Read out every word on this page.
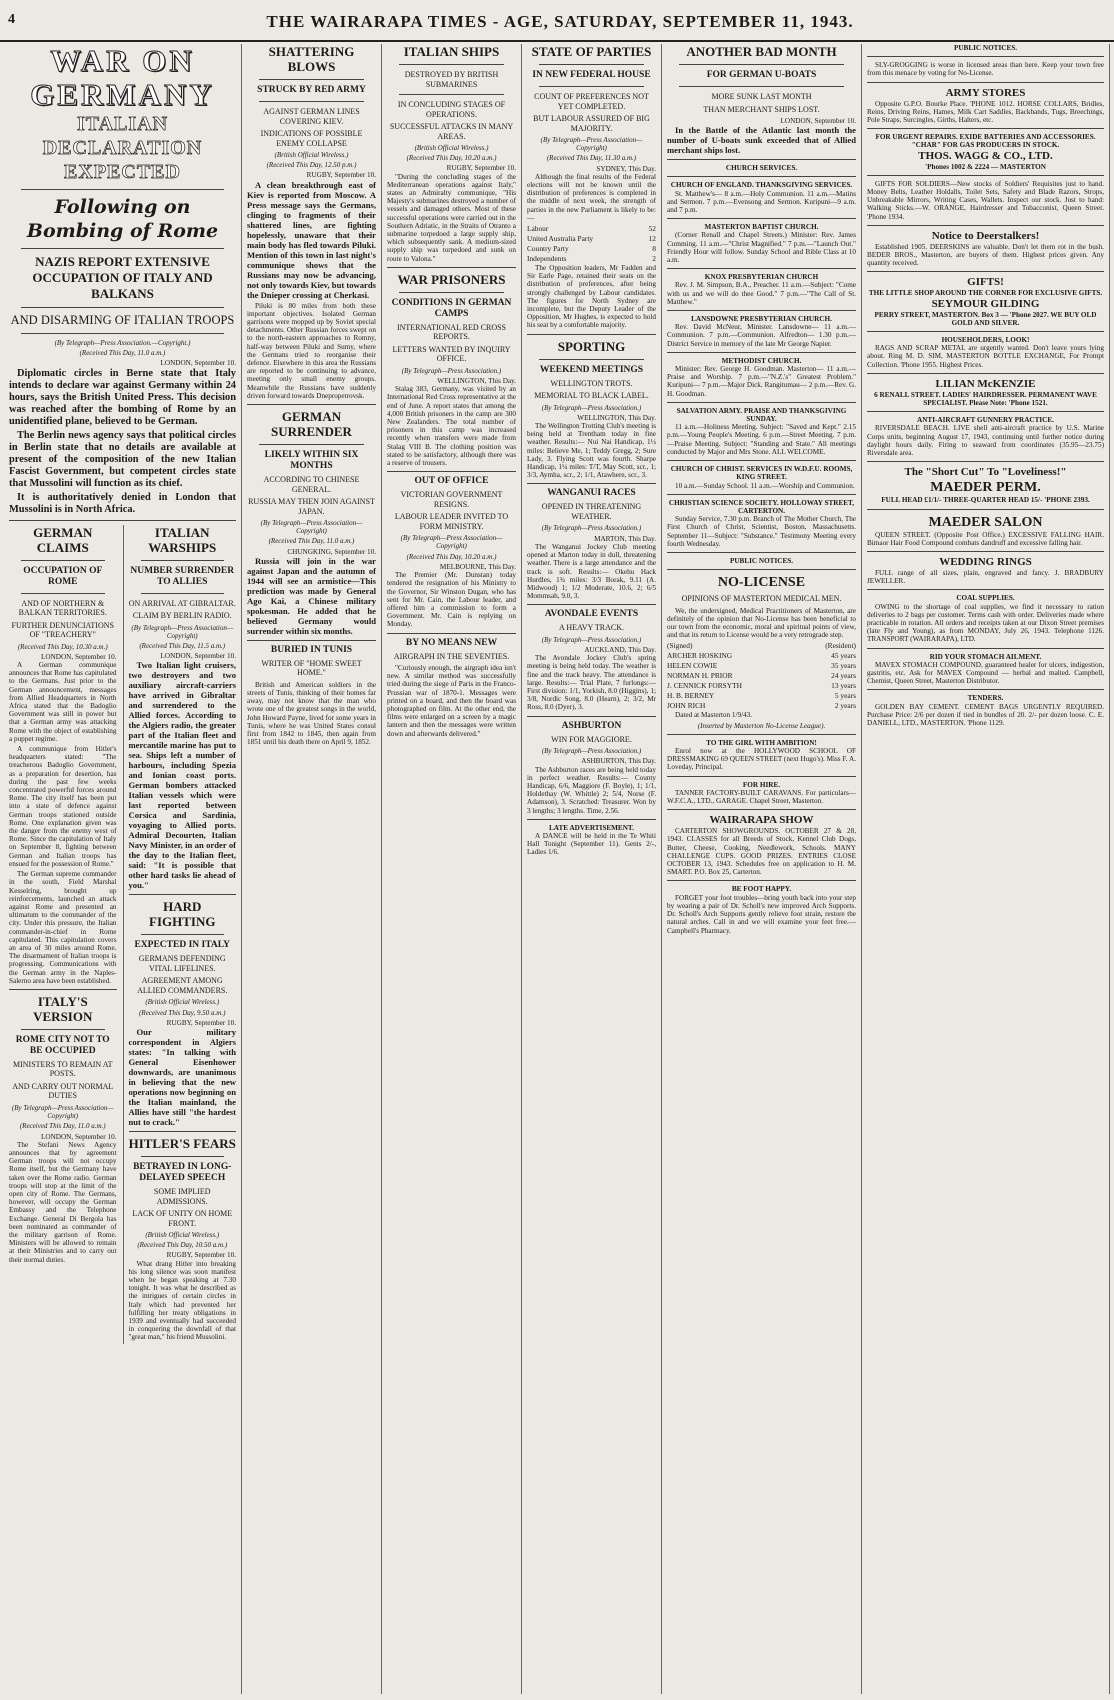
4	THE WAIRARAPA TIMES - AGE, SATURDAY, SEPTEMBER 11, 1943.
WAR ON GERMANY
ITALIAN DECLARATION EXPECTED
Following on Bombing of Rome
NAZIS REPORT EXTENSIVE OCCUPATION OF ITALY AND BALKANS
AND DISARMING OF ITALIAN TROOPS
(By Telegraph—Press Association.—Copyright.)
(Received This Day, 11.0 a.m.)
LONDON, September 10.

Diplomatic circles in Berne state that Italy intends to declare war against Germany within 24 hours, says the British United Press. This decision was reached after the bombing of Rome by an unidentified plane, believed to be German.

The Berlin news agency says that political circles in Berlin state that no details are available at present of the composition of the new Italian Fascist Government, but competent circles state that Mussolini will function as its chief.

It is authoritatively denied in London that Mussolini is in North Africa.

GERMAN CLAIMS
OCCUPATION OF ROME
AND OF NORTHERN & BALKAN TERRITORIES.
FURTHER DENUNCIATIONS OF "TREACHERY"
(Received This Day, 10.30 a.m.)
LONDON, September 10.

A German communique announces that Rome has capitulated to the Germans. Just prior to the German announcement, messages from Allied Headquarters in North Africa stated that the Badoglio Government was still in power but that a German army was attacking Rome with the object of establishing a puppet regime.

A communique from Hitler's headquarters stated: "The treacherous Badoglio Government, as a preparation for desertion, has during the past few weeks concentrated powerful forces around Rome. The city itself has been put into a state of defence against German troops stationed outside Rome. One explanation given was the danger from the enemy west of Rome. Since the capitulation of Italy on September 8, fighting between German and Italian troops has ensued for the possession of Rome."

The German supreme commander in the south, Field Marshal Kesselring, brought up reinforcements, launched an attack against Rome and presented an ultimatum to the commander of the city. Under this pressure, the Italian commander-in-chief in Rome capitulated. This capitulation covers an area of 30 miles around Rome. The disarmament of Italian troops is progressing. Communications with the German army in the Naples-Salerno area have been established.

ITALY'S VERSION
ROME CITY NOT TO BE OCCUPIED
MINISTERS TO REMAIN AT POSTS.
AND CARRY OUT NORMAL DUTIES
(By Telegraph—Press Association—Copyright)
(Received This Day, 11.0 a.m.)
LONDON, September 10.

The Stefani News Agency announces that by agreement German troops will not occupy Rome itself, but the Germany have taken over the Rome radio. German troops will stop at the limit of the open city of Rome. The Germans, however, will occupy the German Embassy and the Telephone Exchange. General Di Bergola has been nominated as commander of the military garrison of Rome. Ministers will be allowed to remain at their Ministries and to carry out their normal duties.

ITALIAN WARSHIPS
NUMBER SURRENDER TO ALLIES
ON ARRIVAL AT GIBRALTAR.
CLAIM BY BERLIN RADIO.
(By Telegraph—Press Association—Copyright)
(Received This Day, 11.5 a.m.)
LONDON, September 10.

Two Italian light cruisers, two destroyers and two auxiliary aircraft-carriers have arrived in Gibraltar and surrendered to the Allied forces. According to the Algiers radio, the greater part of the Italian fleet and mercantile marine has put to sea. Ships left a number of harbours, including Spezia and Ionian coast ports. German bombers attacked Italian vessels which were last reported between Corsica and Sardinia, voyaging to Allied ports. Admiral Decourten, Italian Navy Minister, in an order of the day to the Italian fleet, said: "It is possible that other hard tasks lie ahead of you."

HARD FIGHTING
EXPECTED IN ITALY
GERMANS DEFENDING VITAL LIFELINES.
AGREEMENT AMONG ALLIED COMMANDERS.
(British Official Wireless.)
(Received This Day, 9.50 a.m.)
RUGBY, September 10.

Our military correspondent in Algiers states: "In talking with General Eisenhower downwards, are unanimous in believing that the new operations now beginning on the Italian mainland, the Allies have still "the hardest nut to crack."

HITLER'S FEARS
BETRAYED IN LONG-DELAYED SPEECH
SOME IMPLIED ADMISSIONS.
LACK OF UNITY ON HOME FRONT.
(British Official Wireless.)
(Received This Day, 10.50 a.m.)
RUGBY, September 10.

What drang Hitler into breaking his long silence was soon manifest when he began speaking at 7.30 tonight. It was what he described as the intrigues of certain circles in Italy which had prevented her fulfilling her treaty obligations in 1939 and eventually had succeeded in conquering the downfall of that "great man," his friend Mussolini.

SHATTERING BLOWS
STRUCK BY RED ARMY
AGAINST GERMAN LINES COVERING KIEV.
INDICATIONS OF POSSIBLE ENEMY COLLAPSE
(British Official Wireless.)
(Received This Day, 12.50 p.m.)
RUGBY, September 10.

A clean breakthrough east of Kiev is reported from Moscow. A Press message says the Germans, clinging to fragments of their shattered lines, are fighting hopelessly, unaware that their main body has fled towards Piluki. Mention of this town in last night's communique shows that the Russians may now be advancing, not only towards Kiev, but towards the Dnieper crossing at Cherkasi.

Piluki is 80 miles from both these important objectives. Isolated German garrisons were mopped up by Soviet special detachments. Other Russian forces swept on to the north-eastern approaches to Romny, half-way between Piluki and Sumy, where the Germans tried to reorganise their defence. Elsewhere in this area the Russians are reported to be continuing to advance, meeting only small enemy groups. Meanwhile the Russians have suddenly driven forward towards Dnepropetrovsk.

GERMAN SURRENDER
LIKELY WITHIN SIX MONTHS
ACCORDING TO CHINESE GENERAL.
RUSSIA MAY THEN JOIN AGAINST JAPAN.
(By Telegraph—Press Association—Copyright)
(Received This Day, 11.0 a.m.)
CHUNGKING, September 10.

Russia will join in the war against Japan and the autumn of 1944 will see an armistice—This prediction was made by General Ago Kai, a Chinese military spokesman. He added that he believed Germany would surrender within six months.

BURIED IN TUNIS
WRITER OF "HOME SWEET HOME."

British and American soldiers in the streets of Tunis, thinking of their homes far away, may not know that the man who wrote one of the greatest songs in the world, John Howard Payne, lived for some years in Tunis, where he was United States consul first from 1842 to 1845, then again from 1851 until his death there on April 9, 1852.

ITALIAN SHIPS
DESTROYED BY BRITISH SUBMARINES
IN CONCLUDING STAGES OF OPERATIONS.
SUCCESSFUL ATTACKS IN MANY AREAS.
(British Official Wireless.)
(Received This Day, 10.20 a.m.)
RUGBY, September 10.

"During the concluding stages of the Mediterranean operations against Italy," states an Admiralty communique, "His Majesty's submarines destroyed a number of vessels and damaged others. Most of these successful operations were carried out in the Southern Adriatic, in the Straits of Otranto a submarine torpedoed a large supply ship, which subsequently sank. A medium-sized supply ship was torpedoed and sunk on route to Valona."

WAR PRISONERS
CONDITIONS IN GERMAN CAMPS
INTERNATIONAL RED CROSS REPORTS.
LETTERS WANTED BY INQUIRY OFFICE.
(By Telegraph—Press Association.)
WELLINGTON, This Day.

Stalag 383, Germany, was visited by an International Red Cross representative at the end of June. A report states that among the 4,000 British prisoners in the camp are 300 New Zealanders. The total number of prisoners in this camp was increased recently when transfers were made from Stalag VIII B. The clothing position was stated to be satisfactory, although there was a reserve of trousers.

OUT OF OFFICE
VICTORIAN GOVERNMENT RESIGNS.
LABOUR LEADER INVITED TO FORM MINISTRY.
(By Telegraph—Press Association—Copyright)
(Received This Day, 10.20 a.m.)
MELBOURNE, This Day.

The Premier (Mr. Dunstan) today tendered the resignation of his Ministry to the Governor, Sir Winston Dugan, who has sent for Mr. Cain, the Labour leader, and offered him a commission to form a Government. Mr. Cain is replying on Monday.

BY NO MEANS NEW
AIRGRAPH IN THE SEVENTIES.

"Curiously enough, the airgraph idea isn't new. A similar method was successfully tried during the siege of Paris in the Franco-Prussian war of 1870-1. Messages were printed on a board, and then the board was photographed on film. At the other end, the films were enlarged on a screen by a magic lantern and then the messages were written down and afterwards delivered."

STATE OF PARTIES
IN NEW FEDERAL HOUSE
COUNT OF PREFERENCES NOT YET COMPLETED.
BUT LABOUR ASSURED OF BIG MAJORITY.
(By Telegraph—Press Association—Copyright)
(Received This Day, 11.30 a.m.)
SYDNEY, This Day.

Although the final results of the Federal elections will not be known until the distribution of preferences is completed in the middle of next week, the strength of parties in the new Parliament is likely to be:—

Labour	52
United Australia Party	12
Country Party	8
Independents	2

The Opposition leaders, Mr Fadden and Sir Earle Page, retained their seats on the distribution of preferences, after being strongly challenged by Labour candidates. The figures for North Sydney are incomplete, but the Deputy Leader of the Opposition, Mr Hughes, is expected to hold his seat by a comfortable majority.

SPORTING
WEEKEND MEETINGS
WELLINGTON TROTS.
MEMORIAL TO BLACK LABEL.
(By Telegraph—Press Association.)
WELLINGTON, This Day.

The Wellington Trotting Club's meeting is being held at Trentham today in fine weather. Results:— Nui Nai Handicap, 1½ miles: Believe Me, 1; Teddy Gregg, 2; Sure Lady, 3. Flying Scott was fourth. Sharpe Handicap, 1¼ miles: T/T, May Scott, scr., 1; 3/3, Aymha, scr., 2; 1/1, Atawhere, scr., 3.

WANGANUI RACES
OPENED IN THREATENING WEATHER.
(By Telegraph—Press Association.)
MARTON, This Day.

The Wanganui Jockey Club meeting opened at Marton today in dull, threatening weather. There is a large attendance and the track is soft. Results:— Okehu Hack Hurdles, 1¾ miles: 3/3 Borak, 9.11 (A. Midwood) 1; 1/2 Moderate, 10.6, 2; 6/5 Mommsah, 9.0, 3.

AVONDALE EVENTS
A HEAVY TRACK.
(By Telegraph—Press Association.)
AUCKLAND, This Day.

The Avondale Jockey Club's spring meeting is being held today. The weather is fine and the track heavy. The attendance is large. Results:— Trial Plate, 7 furlongs:—First division: 1/1, Yorkish, 8.0 (Higgins), 1; 3/8, Nordic Song, 8.0 (Hearn), 2; 3/2, Mr Ross, 8.0 (Dyer), 3.

ASHBURTON
WIN FOR MAGGIORE.
(By Telegraph—Press Association.)
ASHBURTON, This Day.

The Ashburton races are being held today in perfect weather. Results:— County Handicap, 6/6, Maggiore (F. Boyle), 1; 1/1, Holdethay (W. Whittle) 2; 5/4, Norse (F. Adamson), 3. Scratched: Treasurer. Won by 3 lengths; 3 lengths. Time, 2.56.

LATE ADVERTISEMENT.

A DANCE will be held in the Te Whiti Hall Tonight (September 11). Gents 2/-, Ladies 1/6.

ANOTHER BAD MONTH
FOR GERMAN U-BOATS
MORE SUNK LAST MONTH
THAN MERCHANT SHIPS LOST.
LONDON, September 10.

In the Battle of the Atlantic last month the number of U-boats sunk exceeded that of Allied merchant ships lost.

CHURCH SERVICES.
CHURCH OF ENGLAND. THANKSGIVING SERVICES.

St. Matthew's— 8 a.m.—Holy Communion. 11 a.m.—Matins and Sermon. 7 p.m.—Evensong and Sermon. Kuripuni—9 a.m. and 7 p.m.

MASTERTON BAPTIST CHURCH.

(Corner Renall and Chapel Streets.) Minister: Rev. James Cumming. 11 a.m.—"Christ Magnified." 7 p.m.—"Launch Out." Friendly Hour will follow. Sunday School and Bible Class at 10 a.m.

KNOX PRESBYTERIAN CHURCH

Rev. J. M. Simpson, B.A., Preacher. 11 a.m.—Subject: "Come with us and we will do thee Good." 7 p.m.—"The Call of St. Matthew."

LANSDOWNE PRESBYTERIAN CHURCH.

Rev. David McNeur, Minister. Lansdowne— 11 a.m.—Communion. 7 p.m.—Communion. Alfredton— 1.30 p.m.—District Service in memory of the late Mr George Napier.

METHODIST CHURCH.

Minister: Rev. George H. Goodman. Masterton— 11 a.m.—Praise and Worship. 7 p.m.—"N.Z.'s" Greatest Problem." Kuripuni— 7 p.m.—Major Dick. Rangitumau— 2 p.m.—Rev. G. H. Goodman.

SALVATION ARMY. PRAISE AND THANKSGIVING SUNDAY.

11 a.m.—Holiness Meeting. Subject: "Saved and Kept." 2.15 p.m.—Young People's Meeting. 6 p.m.—Street Meeting. 7 p.m.—Praise Meeting. Subject: "Standing and State." All meetings conducted by Major and Mrs Stone. ALL WELCOME.

CHURCH OF CHRIST. SERVICES IN W.D.F.U. ROOMS, KING STREET.

10 a.m.—Sunday School. 11 a.m.—Worship and Communion.

CHRISTIAN SCIENCE SOCIETY. HOLLOWAY STREET, CARTERTON.

Sunday Service, 7.30 p.m. Branch of The Mother Church, The First Church of Christ, Scientist, Boston, Massachusetts. September 11—Subject: "Substance." Testimony Meeting every fourth Wednesday.

PUBLIC NOTICES.
NO-LICENSE
OPINIONS OF MASTERTON MEDICAL MEN.

We, the undersigned, Medical Practitioners of Masterton, are definitely of the opinion that No-License has been beneficial to our town from the economic, moral and spiritual points of view, and that its return to License would be a very retrograde step.

(Signed)	(Resident)
ARCHER HOSKING	45 years
HELEN COWIE	35 years
NORMAN H. PRIOR	24 years
J. CENNICK FORSYTH	13 years
H. B. BERNEY	5 years
JOHN RICH	2 years

Dated at Masterton 1/9/43.

(Inserted by Masterton No-License League).
TO THE GIRL WITH AMBITION!

Enrol now at the HOLLYWOOD SCHOOL OF DRESSMAKING 69 QUEEN STREET (next Hugo's). Miss F. A. Loveday, Principal.

FOR HIRE.

TANNER FACTORY-BUILT CARAVANS. For particulars— W.F.C.A., LTD., GARAGE. Chapel Street, Masterton.

WAIRARAPA SHOW

CARTERTON SHOWGROUNDS. OCTOBER 27 & 28, 1943. CLASSES for all Breeds of Stock, Kennel Club Dogs, Butter, Cheese, Cooking, Needlework, Schools. MANY CHALLENGE CUPS. GOOD PRIZES. ENTRIES CLOSE OCTOBER 13, 1943. Schedules free on application to H. M. SMART. P.O. Box 25, Carterton.

BE FOOT HAPPY.

FORGET your foot troubles—bring youth back into your step by wearing a pair of Dr. Scholl's new improved Arch Supports. Dr. Scholl's Arch Supports gently relieve foot strain, restore the natural arches. Call in and we will examine your feet free.—Campbell's Pharmacy.

PUBLIC NOTICES.

SLY-GROGGING is worse in licensed areas than here. Keep your town free from this menace by voting for No-License.

ARMY STORES

Opposite G.P.O. Bourke Place. 'PHONE 1012. HORSE COLLARS, Bridles, Reins, Driving Reins, Hames, Milk Cart Saddles, Backbands, Tugs, Breechings, Pole Straps, Surcingles, Girths, Halters, etc.

FOR URGENT REPAIRS. EXIDE BATTERIES AND ACCESSORIES.
"CHAR" FOR GAS PRODUCERS IN STOCK.
THOS. WAGG & CO., LTD.
'Phones 1002 & 2224 — MASTERTON

GIFTS FOR SOLDIERS—New stocks of Soldiers' Requisites just to hand. Money Belts, Leather Holdalls, Toilet Sets, Safety and Blade Razors, Strops, Unbreakable Mirrors, Writing Cases, Wallets. Inspect our stock. Just to hand: Walking Sticks.—W. ORANGE, Hairdresser and Tobacconist, Queen Street. 'Phone 1934.

Notice to Deerstalkers!

Established 1905. DEERSKINS are valuable. Don't let them rot in the bush. BEDER BROS., Masterton, are buyers of them. Highest prices given. Any quantity received.

GIFTS!
THE LITTLE SHOP AROUND THE CORNER FOR EXCLUSIVE GIFTS.
SEYMOUR GILDING
PERRY STREET, MASTERTON. Box 3 — 'Phone 2027. WE BUY OLD GOLD AND SILVER.
HOUSEHOLDERS, LOOK!

RAGS AND SCRAP METAL are urgently wanted. Don't leave yours lying about. Ring M. D. SIM, MASTERTON BOTTLE EXCHANGE, For Prompt Collection. 'Phone 1955. Highest Prices.

LILIAN McKENZIE
6 RENALL STREET. LADIES' HAIRDRESSER. PERMANENT WAVE SPECIALIST. Please Note: 'Phone 1521.
ANTI-AIRCRAFT GUNNERY PRACTICE.

RIVERSDALE BEACH. LIVE shell anti-aircraft practice by U.S. Marine Corps units, beginning August 17, 1943, continuing until further notice during daylight hours daily. Firing to seaward from coordinates (35.95—23.75) Riversdale area.

The "Short Cut" To "Loveliness!"
MAEDER PERM.
FULL HEAD £1/1/- THREE-QUARTER HEAD 15/- 'PHONE 2393.
MAEDER SALON

QUEEN STREET. (Opposite Post Office.) EXCESSIVE FALLING HAIR. Bimaor Hair Food Compound combats dandruff and excessive falling hair.

WEDDING RINGS

FULL range of all sizes, plain, engraved and fancy. J. BRADBURY JEWELLER.

COAL SUPPLIES.

OWING to the shortage of coal supplies, we find it necessary to ration deliveries to 2 bags per customer. Terms cash with order. Deliveries made where practicable in rotation. All orders and receipts taken at our Dixon Street premises (late Fly and Young), as from MONDAY, July 26, 1943. Telephone 1126. TRANSPORT (WAIRARAPA), LTD.

RID YOUR STOMACH AILMENT.

MAVEX STOMACH COMPOUND, guaranteed healer for ulcers, indigestion, gastritis, etc. Ask for MAVEX Compound — herbal and malted. Campbell, Chemist, Queen Street, Masterton Distributor.

TENDERS.

GOLDEN BAY CEMENT. CEMENT BAGS URGENTLY REQUIRED. Purchase Price: 2/6 per dozen if tied in bundles of 20. 2/- per dozen loose. C. E. DANIELL, LTD., MASTERTON. 'Phone 1129.
